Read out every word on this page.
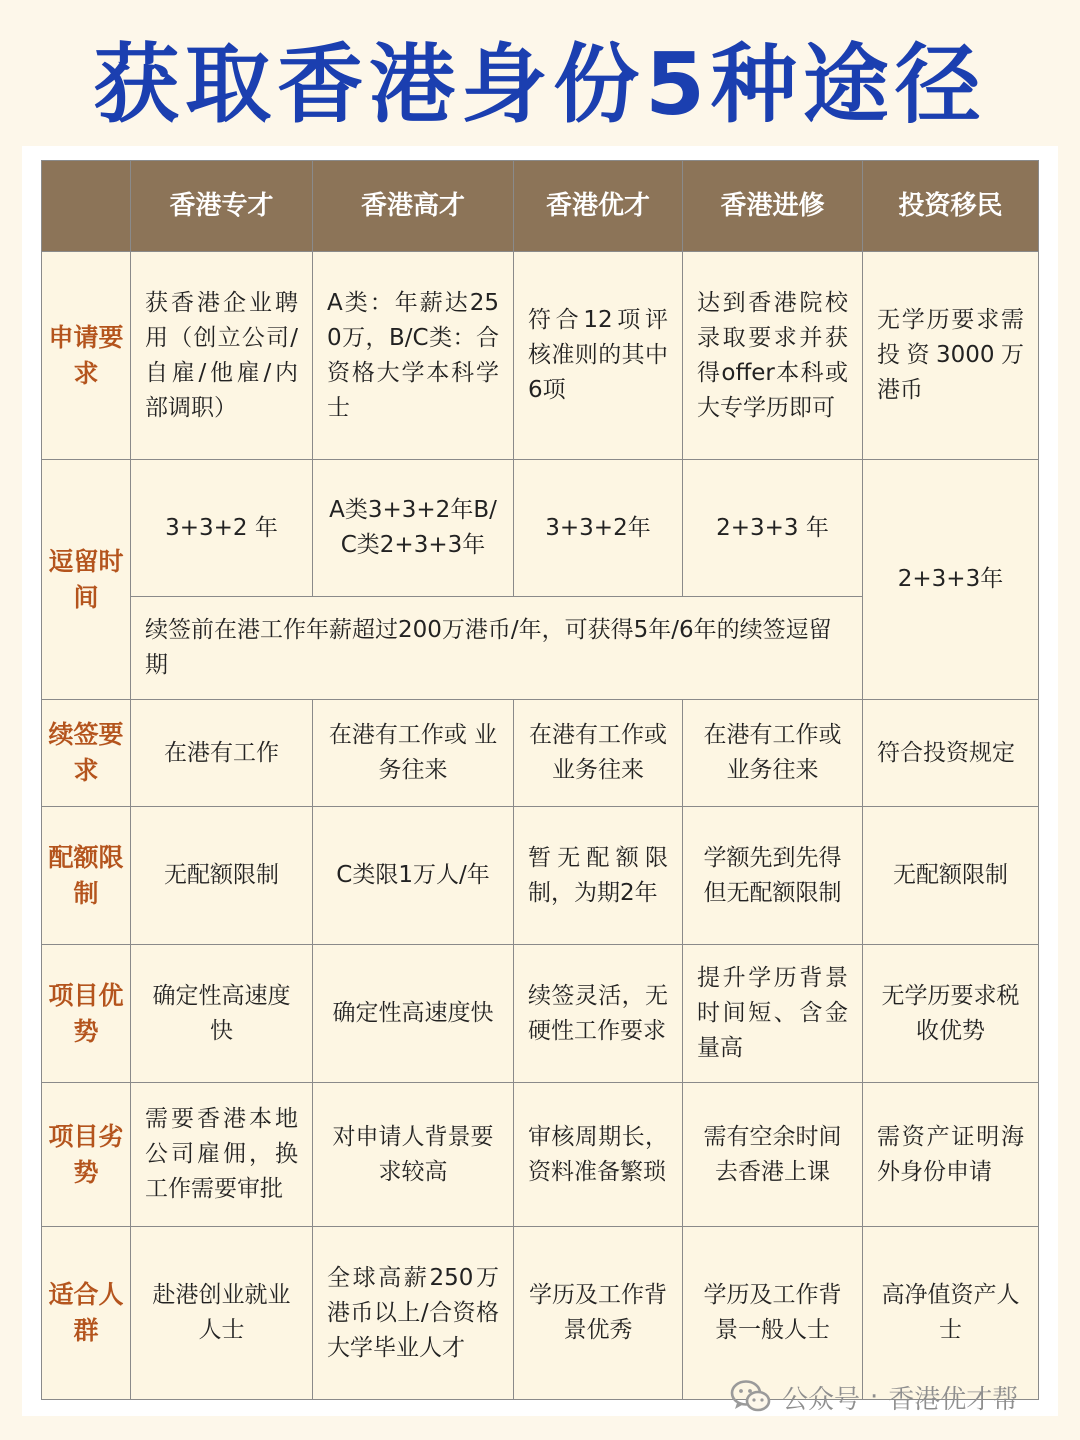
获取香港身份5种途径
	香港专才	香港高才	香港优才	香港进修	投资移民
申请要求	获香港企业聘用（创立公司/自雇/他雇/内部调职）	A类：年薪达250万，B/C类：合资格大学本科学士	符合12项评核准则的其中6项	达到香港院校录取要求并获得offer本科或大专学历即可	无学历要求需投资3000万港币
逗留时间	3+3+2 年	A类3+3+2年B/C类2+3+3年	3+3+2年	2+3+3 年	2+3+3年
	续签前在港工作年薪超过200万港币/年，可获得5年/6年的续签逗留期				
续签要求	在港有工作	在港有工作或 业务往来	在港有工作或 业务往来	在港有工作或 业务往来	符合投资规定
配额限制	无配额限制	C类限1万人/年	暂无配额限制，为期2年	学额先到先得但无配额限制	无配额限制
项目优势	确定性高速度快	确定性高速度快	续签灵活，无硬性工作要求	提升学历背景时间短、含金量高	无学历要求税收优势
项目劣势	需要香港本地公司雇佣，换工作需要审批	对申请人背景要求较高	审核周期长，资料准备繁琐	需有空余时间去香港上课	需资产证明海外身份申请
适合人群	赴港创业就业人士	全球高薪250万港币以上/合资格大学毕业人才	学历及工作背景优秀	学历及工作背景一般人士	高净值资产人士
公众号 · 香港优才帮
